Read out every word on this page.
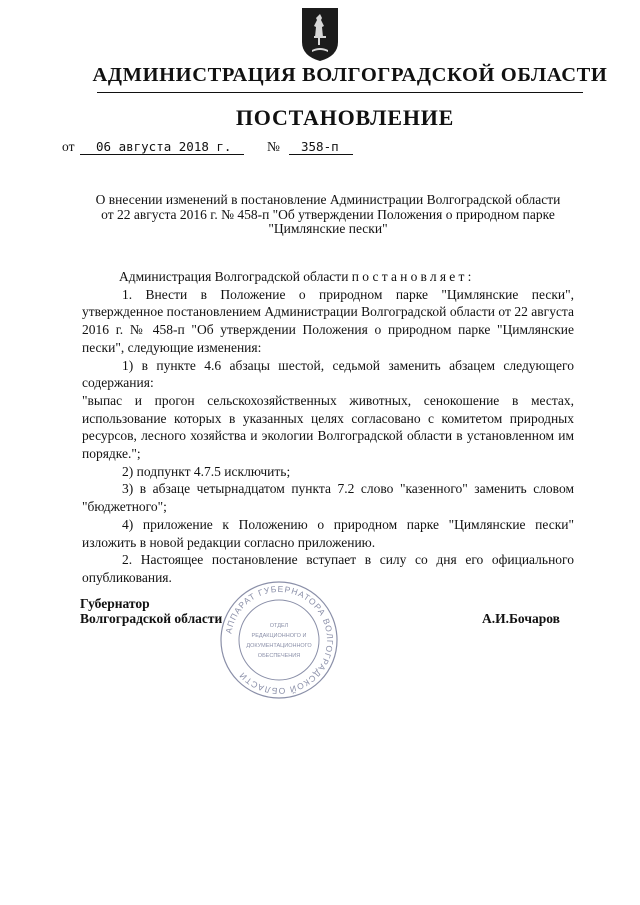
АДМИНИСТРАЦИЯ ВОЛГОГРАДСКОЙ ОБЛАСТИ
ПОСТАНОВЛЕНИЕ
от	06 августа 2018 г.	№	358-п
О внесении изменений в постановление Администрации Волгоградской области
от 22 августа 2016 г. № 458-п "Об утверждении Положения о природном парке
"Цимлянские пески"

Администрация Волгоградской области постановляет:

1. Внести в Положение о природном парке "Цимлянские пески", утвержденное постановлением Администрации Волгоградской области от 22 августа 2016 г. № 458-п "Об утверждении Положения о природном парке "Цимлянские пески", следующие изменения:

1) в пункте 4.6 абзацы шестой, седьмой заменить абзацем следующего содержания:

"выпас и прогон сельскохозяйственных животных, сенокошение в местах, использование которых в указанных целях согласовано с комитетом природных ресурсов, лесного хозяйства и экологии Волгоградской области в установленном им порядке.";

2) подпункт 4.7.5 исключить;

3) в абзаце четырнадцатом пункта 7.2 слово "казенного" заменить словом "бюджетного";

4) приложение к Положению о природном парке "Цимлянские пески" изложить в новой редакции согласно приложению.

2. Настоящее постановление вступает в силу со дня его официального опубликования.

АППАРАТ ГУБЕРНАТОРА ВОЛГОГРАДСКОЙ ОБЛАСТИ
ОТДЕЛ
РЕДАКЦИОННОГО И
ДОКУМЕНТАЦИОННОГО
ОБЕСПЕЧЕНИЯ
Губернатор
Волгоградской области	А.И.Бочаров
